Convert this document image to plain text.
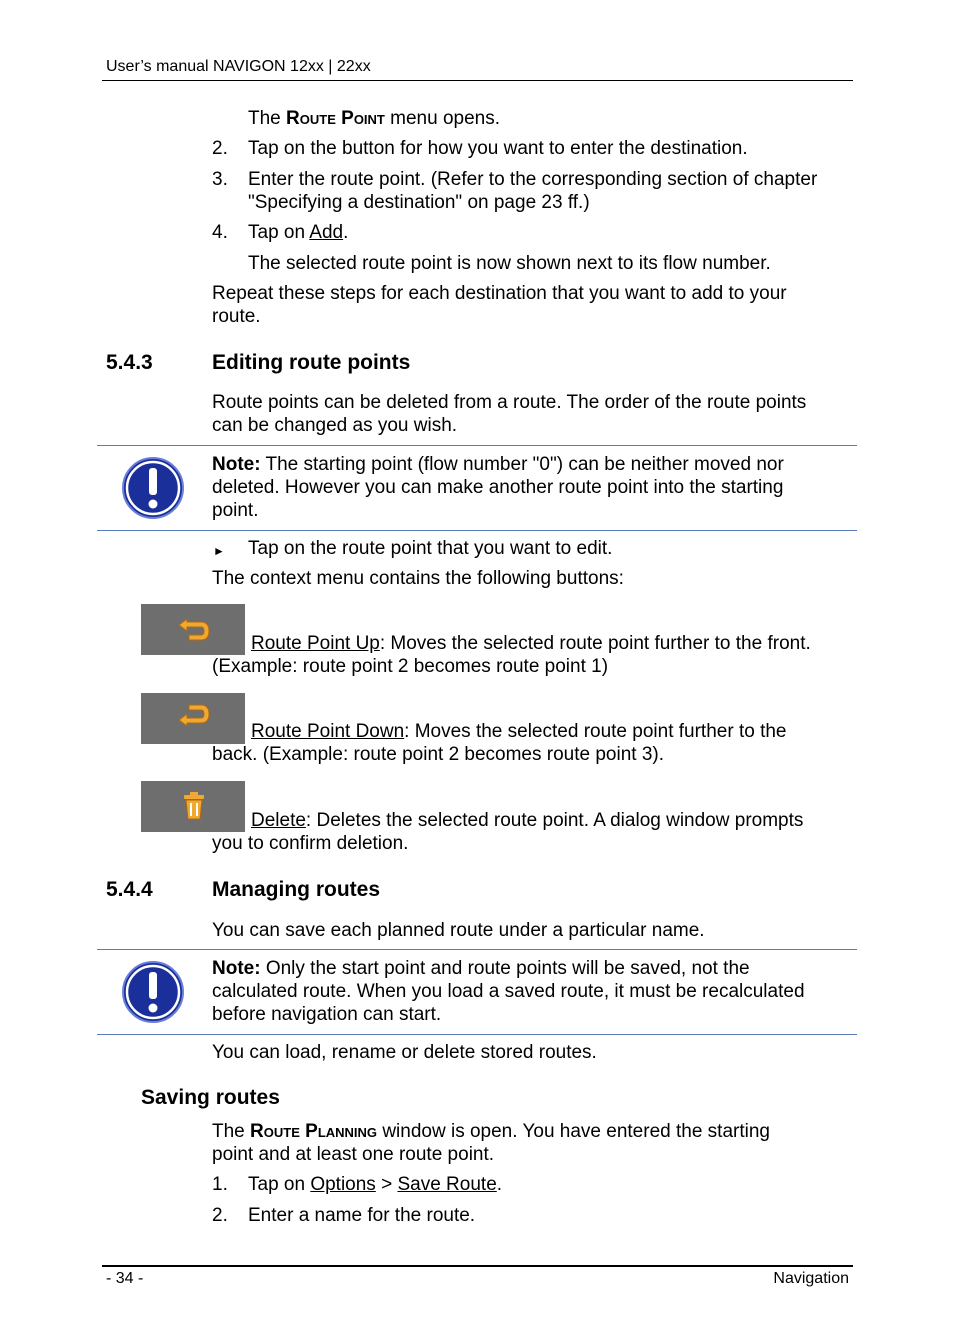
User’s manual NAVIGON 12xx | 22xx
The Route Point menu opens.
2. Tap on the button for how you want to enter the destination.
3. Enter the route point. (Refer to the corresponding section of chapter
"Specifying a destination" on page 23 ff.)
4. Tap on Add.
The selected route point is now shown next to its flow number.
Repeat these steps for each destination that you want to add to your
route.
5.4.3	Editing route points
Route points can be deleted from a route. The order of the route points
can be changed as you wish.
Note: The starting point (flow number "0") can be neither moved nor
deleted. However you can make another route point into the starting
point.
► Tap on the route point that you want to edit.
The context menu contains the following buttons:
Route Point Up: Moves the selected route point further to the front.
(Example: route point 2 becomes route point 1)
Route Point Down: Moves the selected route point further to the
back. (Example: route point 2 becomes route point 3).
Delete: Deletes the selected route point. A dialog window prompts
you to confirm deletion.
5.4.4	Managing routes
You can save each planned route under a particular name.
Note: Only the start point and route points will be saved, not the
calculated route. When you load a saved route, it must be recalculated
before navigation can start.
You can load, rename or delete stored routes.
Saving routes
The Route Planning window is open. You have entered the starting
point and at least one route point.
1. Tap on Options > Save Route.
2. Enter a name for the route.
- 34 -	Navigation
